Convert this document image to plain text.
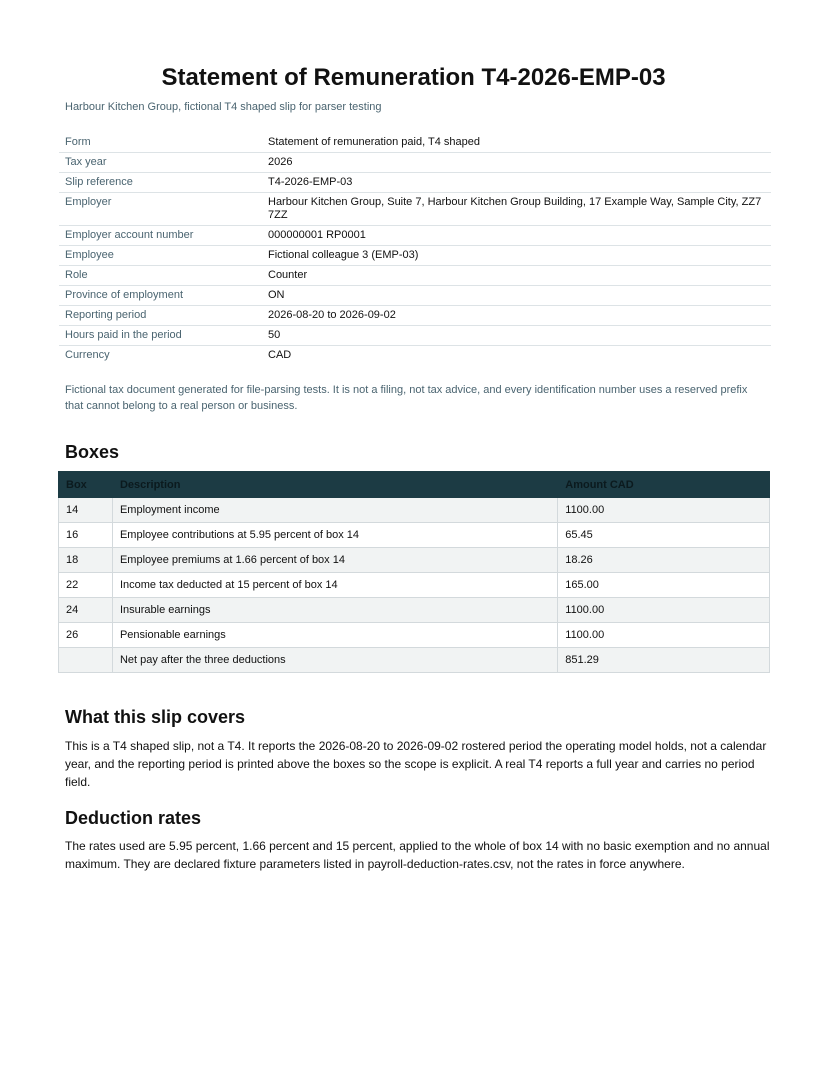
Statement of Remuneration T4-2026-EMP-03

Harbour Kitchen Group, fictional T4 shaped slip for parser testing

Form	Statement of remuneration paid, T4 shaped
Tax year	2026
Slip reference	T4-2026-EMP-03
Employer	Harbour Kitchen Group, Suite 7, Harbour Kitchen Group Building, 17 Example Way, Sample City, ZZ7 7ZZ
Employer account number	000000001 RP0001
Employee	Fictional colleague 3 (EMP-03)
Role	Counter
Province of employment	ON
Reporting period	2026-08-20 to 2026-09-02
Hours paid in the period	50
Currency	CAD

Fictional tax document generated for file-parsing tests. It is not a filing, not tax advice, and every identification number uses a reserved prefix that cannot belong to a real person or business.

Boxes
Box	Description	Amount CAD
14	Employment income	1100.00
16	Employee contributions at 5.95 percent of box 14	65.45
18	Employee premiums at 1.66 percent of box 14	18.26
22	Income tax deducted at 15 percent of box 14	165.00
24	Insurable earnings	1100.00
26	Pensionable earnings	1100.00
	Net pay after the three deductions	851.29
What this slip covers

This is a T4 shaped slip, not a T4. It reports the 2026-08-20 to 2026-09-02 rostered period the operating model holds, not a calendar year, and the reporting period is printed above the boxes so the scope is explicit. A real T4 reports a full year and carries no period field.

Deduction rates

The rates used are 5.95 percent, 1.66 percent and 15 percent, applied to the whole of box 14 with no basic exemption and no annual maximum. They are declared fixture parameters listed in payroll-deduction-rates.csv, not the rates in force anywhere.
